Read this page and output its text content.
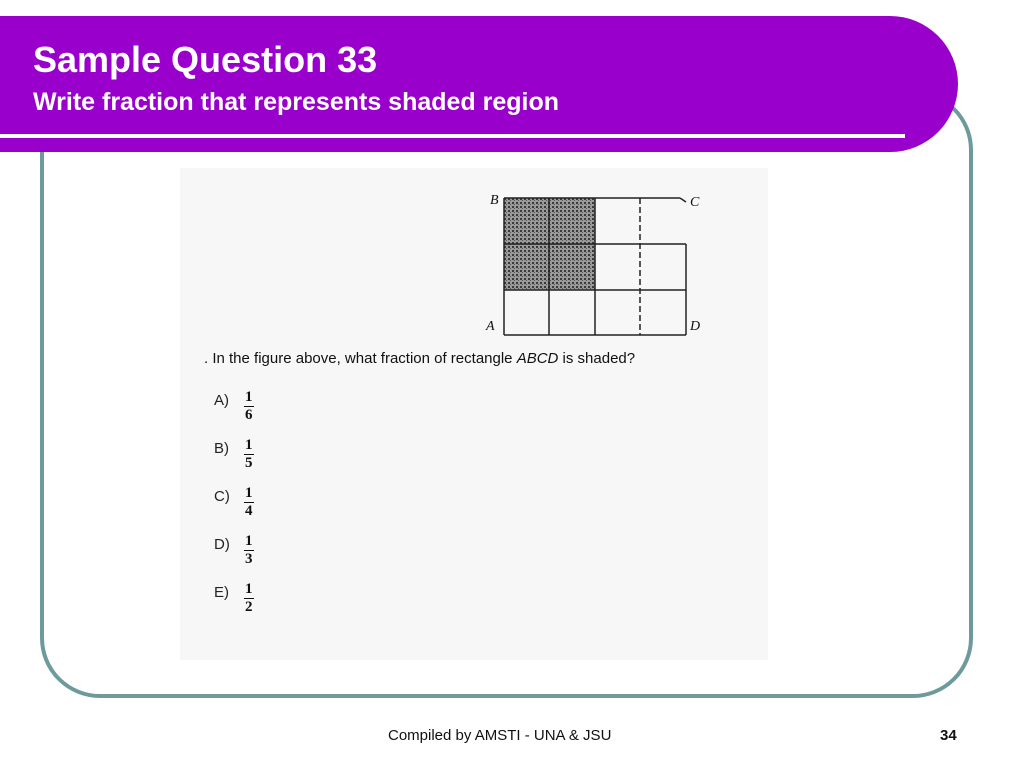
Sample Question 33
Write fraction that represents shaded region
B	C
A	D
. In the figure above, what fraction of rectangle ABCD is shaded?
A)	$\frac{1}{6}$
B)	$\frac{1}{5}$
$C) \frac{1}{4}$
$D) \frac{1}{3}$
E)	$\frac{1}{2}$
Compiled by AMSTI - UNA & JSU	34
